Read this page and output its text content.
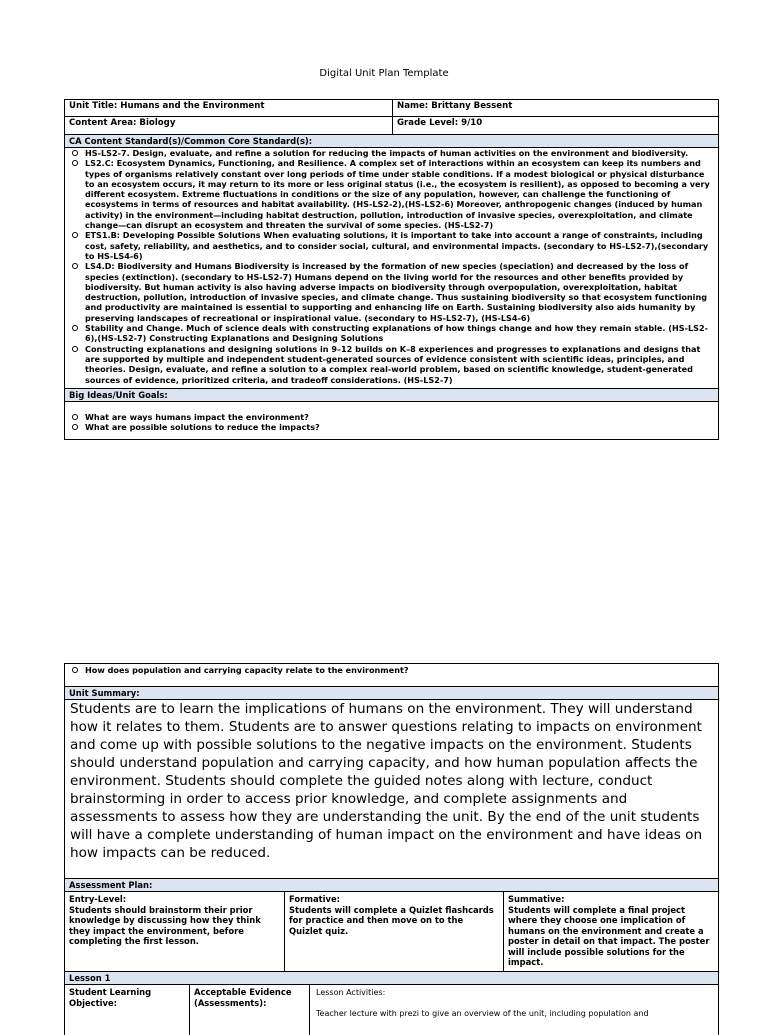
Digital Unit Plan Template
Unit Title: Humans and the Environment	Name: Brittany Bessent
Content Area: Biology	Grade Level: 9/10
CA Content Standard(s)/Common Core Standard(s):
HS-LS2-7. Design, evaluate, and refine a solution for reducing the impacts of human activities on the environment and biodiversity.
LS2.C: Ecosystem Dynamics, Functioning, and Resilience. A complex set of interactions within an ecosystem can keep its numbers and types of organisms relatively constant over long periods of time under stable conditions. If a modest biological or physical disturbance to an ecosystem occurs, it may return to its more or less original status (i.e., the ecosystem is resilient), as opposed to becoming a very different ecosystem. Extreme fluctuations in conditions or the size of any population, however, can challenge the functioning of ecosystems in terms of resources and habitat availability. (HS-LS2-2),(HS-LS2-6) Moreover, anthropogenic changes (induced by human activity) in the environment—including habitat destruction, pollution, introduction of invasive species, overexploitation, and climate change—can disrupt an ecosystem and threaten the survival of some species. (HS-LS2-7)
ETS1.B: Developing Possible Solutions When evaluating solutions, it is important to take into account a range of constraints, including cost, safety, reliability, and aesthetics, and to consider social, cultural, and environmental impacts. (secondary to HS-LS2-7),(secondary to HS-LS4-6)
LS4.D: Biodiversity and Humans Biodiversity is increased by the formation of new species (speciation) and decreased by the loss of species (extinction). (secondary to HS-LS2-7) Humans depend on the living world for the resources and other benefits provided by biodiversity. But human activity is also having adverse impacts on biodiversity through overpopulation, overexploitation, habitat destruction, pollution, introduction of invasive species, and climate change. Thus sustaining biodiversity so that ecosystem functioning and productivity are maintained is essential to supporting and enhancing life on Earth. Sustaining biodiversity also aids humanity by preserving landscapes of recreational or inspirational value. (secondary to HS-LS2-7), (HS-LS4-6)
Stability and Change. Much of science deals with constructing explanations of how things change and how they remain stable. (HS-LS2-6),(HS-LS2-7) Constructing Explanations and Designing Solutions
Constructing explanations and designing solutions in 9–12 builds on K–8 experiences and progresses to explanations and designs that are supported by multiple and independent student-generated sources of evidence consistent with scientific ideas, principles, and theories. Design, evaluate, and refine a solution to a complex real-world problem, based on scientific knowledge, student-generated sources of evidence, prioritized criteria, and tradeoff considerations. (HS-LS2-7)
Big Ideas/Unit Goals:
What are ways humans impact the environment?
What are possible solutions to reduce the impacts?
How does population and carrying capacity relate to the environment?
Unit Summary:
Students are to learn the implications of humans on the environment. They will understand how it relates to them. Students are to answer questions relating to impacts on environment and come up with possible solutions to the negative impacts on the environment. Students should understand population and carrying capacity, and how human population affects the environment. Students should complete the guided notes along with lecture, conduct brainstorming in order to access prior knowledge, and complete assignments and assessments to assess how they are understanding the unit. By the end of the unit students will have a complete understanding of human impact on the environment and have ideas on how impacts can be reduced.
Assessment Plan:
Entry-Level:
Students should brainstorm their prior knowledge by discussing how they think they impact the environment, before completing the first lesson.
Formative:
Students will complete a Quizlet flashcards for practice and then move on to the Quizlet quiz.
Summative:
Students will complete a final project where they choose one implication of humans on the environment and create a poster in detail on that impact. The poster will include possible solutions for the impact.
Lesson 1
Student Learning Objective:
Acceptable Evidence (Assessments):
Lesson Activities:
Teacher lecture with prezi to give an overview of the unit, including population and
